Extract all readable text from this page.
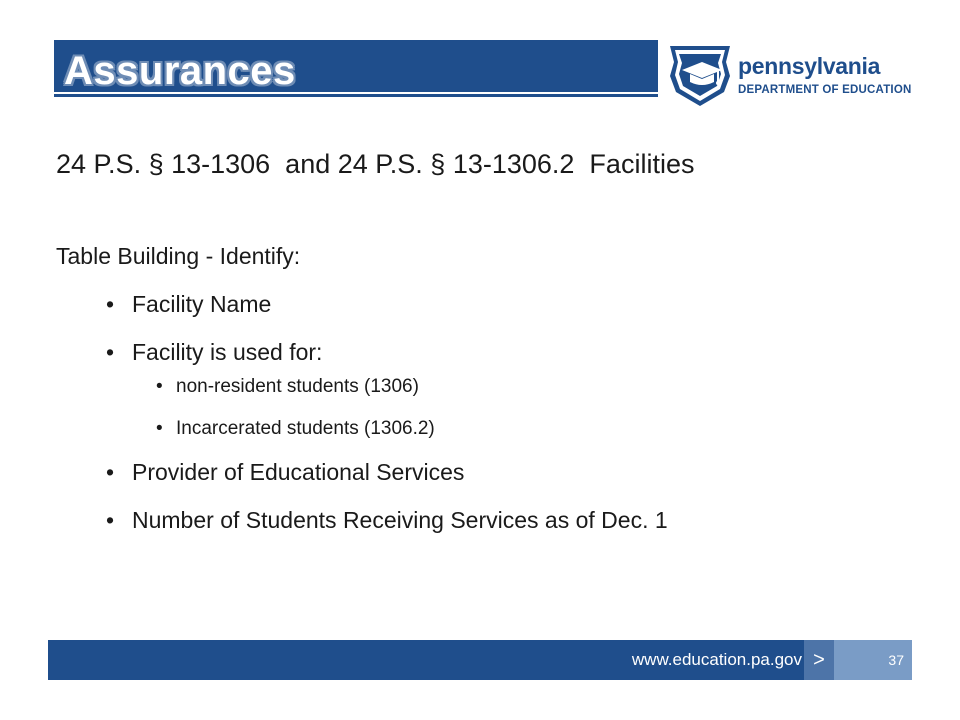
Assurances	pennsylvania
DEPARTMENT OF EDUCATION
24 P.S. § 13-1306  and 24 P.S. § 13-1306.2  Facilities
Table Building - Identify:
• Facility Name
• Facility is used for:
• non-resident students (1306)
• Incarcerated students (1306.2)
• Provider of Educational Services
• Number of Students Receiving Services as of Dec. 1
www.education.pa.gov >	37
